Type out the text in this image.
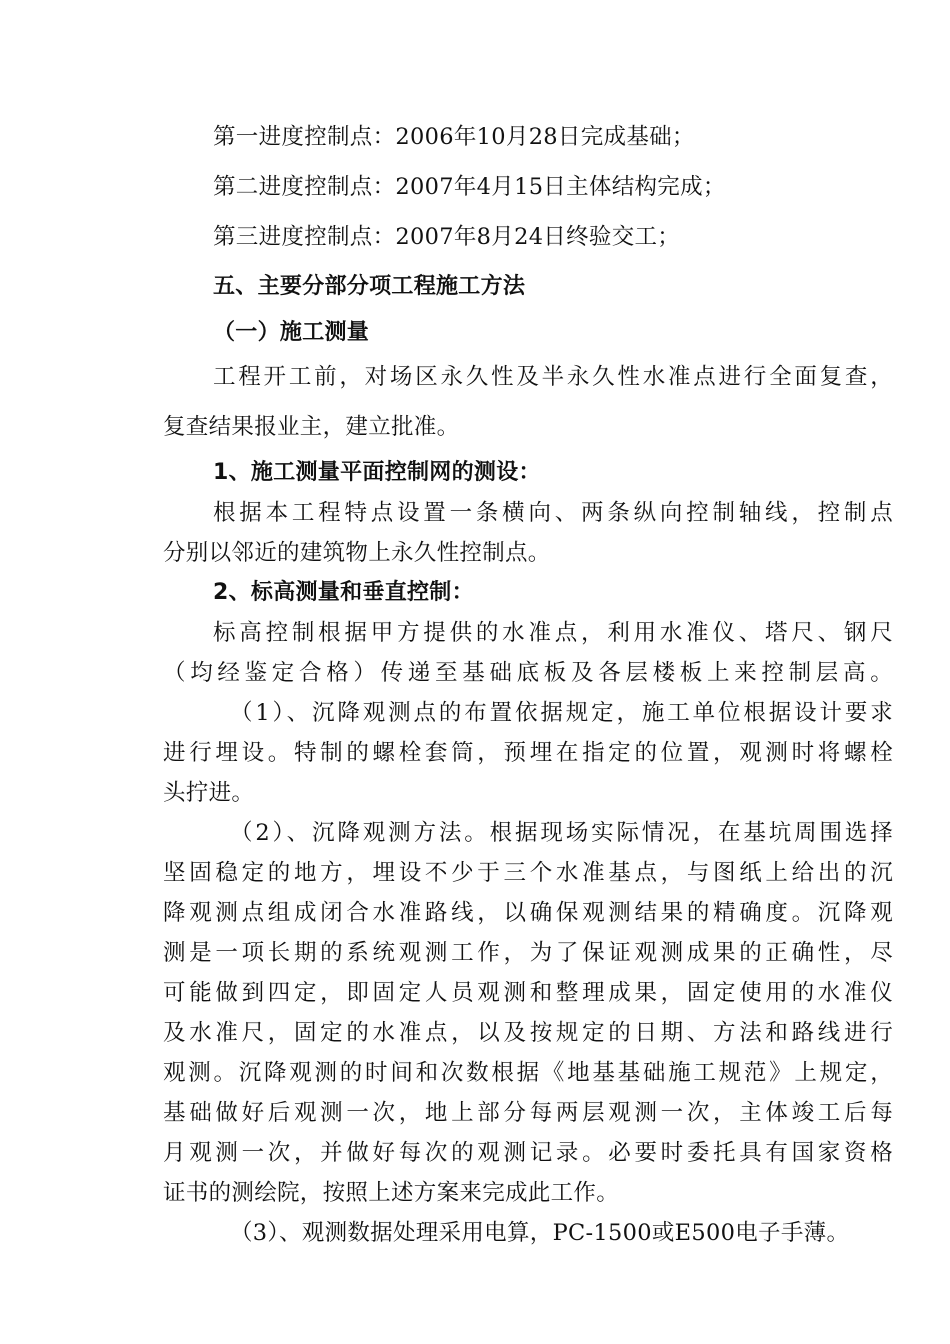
第一进度控制点：2006年10月28日完成基础；
第二进度控制点：2007年4月15日主体结构完成；
第三进度控制点：2007年8月24日终验交工；
五、主要分部分项工程施工方法
（一）施工测量
工程开工前，对场区永久性及半永久性水准点进行全面复查，
复查结果报业主，建立批准。
1、施工测量平面控制网的测设：
根据本工程特点设置一条横向、两条纵向控制轴线，控制点
分别以邻近的建筑物上永久性控制点。
2、标高测量和垂直控制：
标高控制根据甲方提供的水准点，利用水准仪、塔尺、钢尺
（均经鉴定合格）传递至基础底板及各层楼板上来控制层高。
（1）、沉降观测点的布置依据规定，施工单位根据设计要求
进行埋设。特制的螺栓套筒，预埋在指定的位置，观测时将螺栓
头拧进。
（2）、沉降观测方法。根据现场实际情况，在基坑周围选择
坚固稳定的地方，埋设不少于三个水准基点，与图纸上给出的沉
降观测点组成闭合水准路线，以确保观测结果的精确度。沉降观
测是一项长期的系统观测工作，为了保证观测成果的正确性，尽
可能做到四定，即固定人员观测和整理成果，固定使用的水准仪
及水准尺，固定的水准点，以及按规定的日期、方法和路线进行
观测。沉降观测的时间和次数根据《地基基础施工规范》上规定，
基础做好后观测一次，地上部分每两层观测一次，主体竣工后每
月观测一次，并做好每次的观测记录。必要时委托具有国家资格
证书的测绘院，按照上述方案来完成此工作。
（3）、观测数据处理采用电算，PC-1500或E500电子手薄。
